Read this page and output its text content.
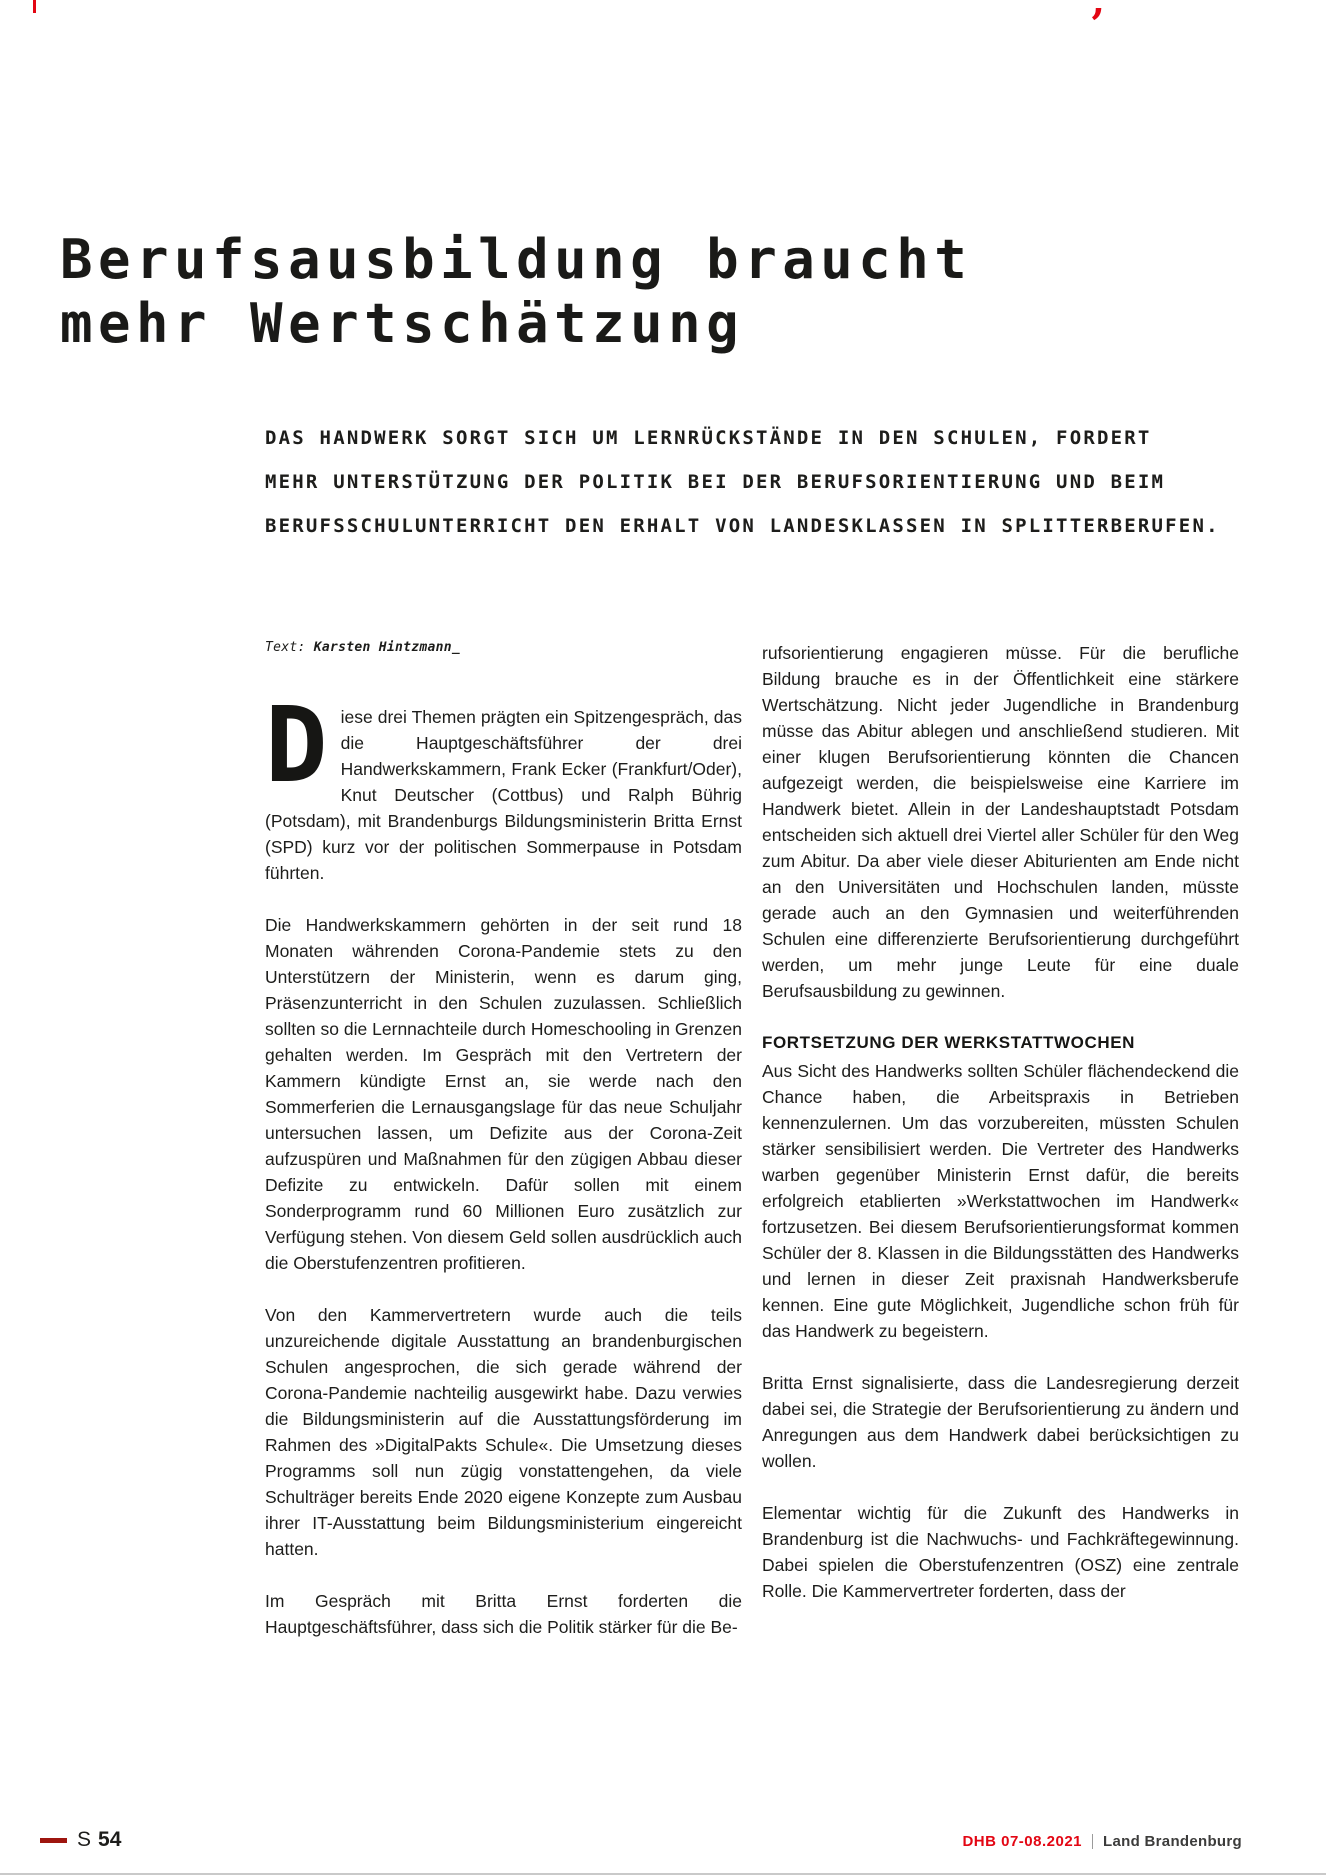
’
Berufsausbildung braucht
mehr Wertschätzung
DAS HANDWERK SORGT SICH UM LERNRÜCKSTÄNDE IN DEN SCHULEN, FORDERT
MEHR UNTERSTÜTZUNG DER POLITIK BEI DER BERUFSORIENTIERUNG UND BEIM
BERUFSSCHULUNTERRICHT DEN ERHALT VON LANDESKLASSEN IN SPLITTERBERUFEN.
Text: Karsten Hintzmann_

Diese drei Themen prägten ein Spitzengespräch, das die Hauptgeschäftsführer der drei Handwerkskammern, Frank Ecker (Frankfurt/Oder), Knut Deutscher (Cottbus) und Ralph Bührig (Potsdam), mit Brandenburgs Bildungsministerin Britta Ernst (SPD) kurz vor der politischen Sommerpause in Potsdam führten.

Die Handwerkskammern gehörten in der seit rund 18 Monaten währenden Corona-Pandemie stets zu den Unterstützern der Ministerin, wenn es darum ging, Präsenzunterricht in den Schulen zuzulassen. Schließlich sollten so die Lernnachteile durch Homeschooling in Grenzen gehalten werden. Im Gespräch mit den Vertretern der Kammern kündigte Ernst an, sie werde nach den Sommerferien die Lernausgangslage für das neue Schuljahr untersuchen lassen, um Defizite aus der Corona-Zeit aufzuspüren und Maßnahmen für den zügigen Abbau dieser Defizite zu entwickeln. Dafür sollen mit einem Sonderprogramm rund 60 Millionen Euro zusätzlich zur Verfügung stehen. Von diesem Geld sollen ausdrücklich auch die Oberstufenzentren profitieren.

Von den Kammervertretern wurde auch die teils unzureichende digitale Ausstattung an brandenburgischen Schulen angesprochen, die sich gerade während der Corona-Pandemie nachteilig ausgewirkt habe. Dazu verwies die Bildungsministerin auf die Ausstattungsförderung im Rahmen des »DigitalPakts Schule«. Die Umsetzung dieses Programms soll nun zügig vonstattengehen, da viele Schulträger bereits Ende 2020 eigene Konzepte zum Ausbau ihrer IT-Ausstattung beim Bildungsministerium eingereicht hatten.

Im Gespräch mit Britta Ernst forderten die Hauptgeschäftsführer, dass sich die Politik stärker für die Be-

rufsorientierung engagieren müsse. Für die berufliche Bildung brauche es in der Öffentlichkeit eine stärkere Wertschätzung. Nicht jeder Jugendliche in Brandenburg müsse das Abitur ablegen und anschließend studieren. Mit einer klugen Berufsorientierung könnten die Chancen aufgezeigt werden, die beispielsweise eine Karriere im Handwerk bietet. Allein in der Landeshauptstadt Potsdam entscheiden sich aktuell drei Viertel aller Schüler für den Weg zum Abitur. Da aber viele dieser Abiturienten am Ende nicht an den Universitäten und Hochschulen landen, müsste gerade auch an den Gymnasien und weiterführenden Schulen eine differenzierte Berufsorientierung durchgeführt werden, um mehr junge Leute für eine duale Berufsausbildung zu gewinnen.

FORTSETZUNG DER WERKSTATTWOCHEN

Aus Sicht des Handwerks sollten Schüler flächendeckend die Chance haben, die Arbeitspraxis in Betrieben kennenzulernen. Um das vorzubereiten, müssten Schulen stärker sensibilisiert werden. Die Vertreter des Handwerks warben gegenüber Ministerin Ernst dafür, die bereits erfolgreich etablierten »Werkstattwochen im Handwerk« fortzusetzen. Bei diesem Berufsorientierungsformat kommen Schüler der 8. Klassen in die Bildungsstätten des Handwerks und lernen in dieser Zeit praxisnah Handwerksberufe kennen. Eine gute Möglichkeit, Jugendliche schon früh für das Handwerk zu begeistern.

Britta Ernst signalisierte, dass die Landesregierung derzeit dabei sei, die Strategie der Berufsorientierung zu ändern und Anregungen aus dem Handwerk dabei berücksichtigen zu wollen.

Elementar wichtig für die Zukunft des Handwerks in Brandenburg ist die Nachwuchs- und Fachkräftegewinnung. Dabei spielen die Oberstufenzentren (OSZ) eine zentrale Rolle. Die Kammervertreter forderten, dass der

S 54	DHB 07-08.2021 Land Brandenburg
